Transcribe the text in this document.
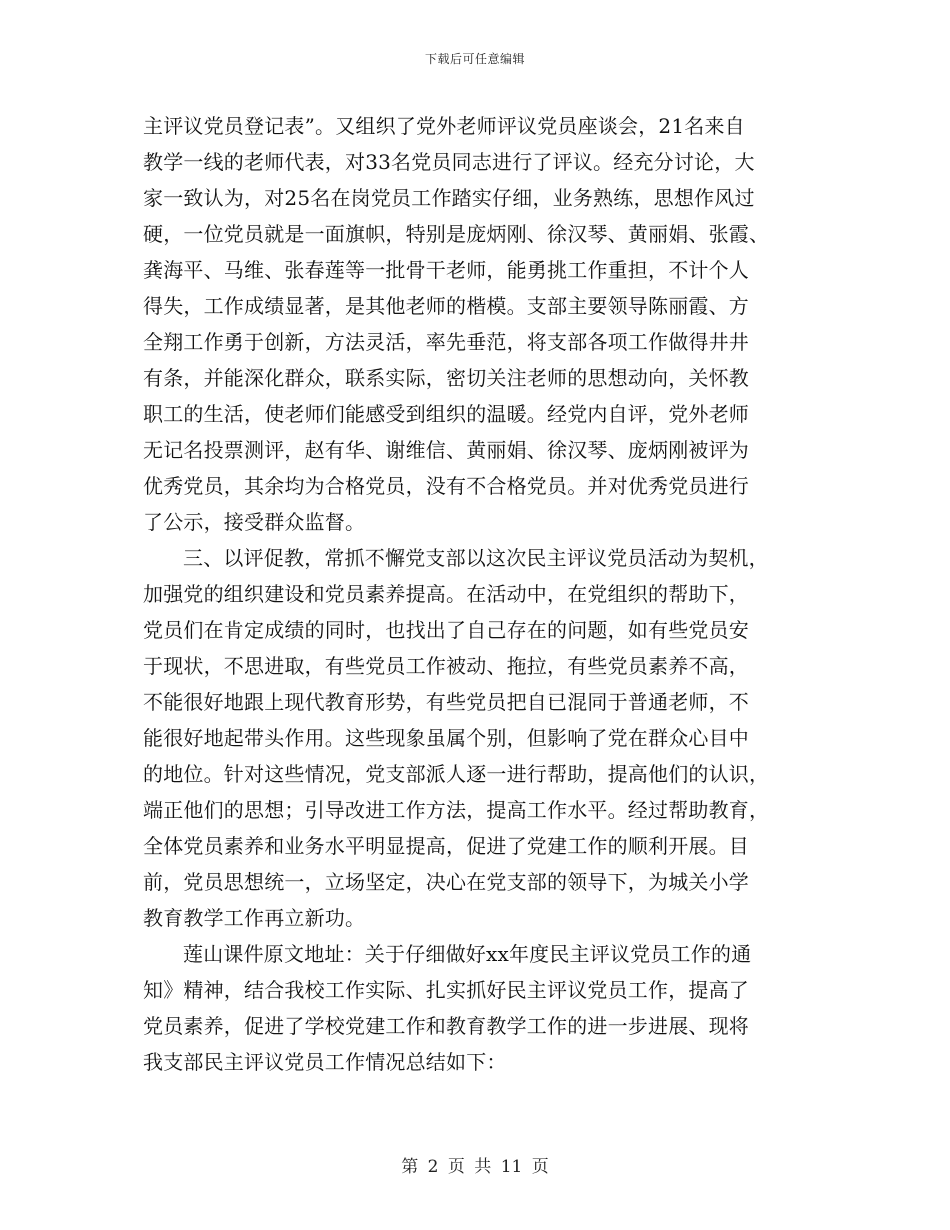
下载后可任意编辑
主评议党员登记表”。又组织了党外老师评议党员座谈会，21名来自
教学一线的老师代表，对33名党员同志进行了评议。经充分讨论，大
家一致认为，对25名在岗党员工作踏实仔细，业务熟练，思想作风过
硬，一位党员就是一面旗帜，特别是庞炳刚、徐汉琴、黄丽娟、张霞、
龚海平、马维、张春莲等一批骨干老师，能勇挑工作重担，不计个人
得失，工作成绩显著，是其他老师的楷模。支部主要领导陈丽霞、方
全翔工作勇于创新，方法灵活，率先垂范，将支部各项工作做得井井
有条，并能深化群众，联系实际，密切关注老师的思想动向，关怀教
职工的生活，使老师们能感受到组织的温暖。经党内自评，党外老师
无记名投票测评，赵有华、谢维信、黄丽娟、徐汉琴、庞炳刚被评为
优秀党员，其余均为合格党员，没有不合格党员。并对优秀党员进行
了公示，接受群众监督。
三、以评促教，常抓不懈党支部以这次民主评议党员活动为契机，
加强党的组织建设和党员素养提高。在活动中，在党组织的帮助下，
党员们在肯定成绩的同时，也找出了自己存在的问题，如有些党员安
于现状，不思进取，有些党员工作被动、拖拉，有些党员素养不高，
不能很好地跟上现代教育形势，有些党员把自已混同于普通老师，不
能很好地起带头作用。这些现象虽属个别，但影响了党在群众心目中
的地位。针对这些情况，党支部派人逐一进行帮助，提高他们的认识，
端正他们的思想；引导改进工作方法，提高工作水平。经过帮助教育，
全体党员素养和业务水平明显提高，促进了党建工作的顺利开展。目
前，党员思想统一，立场坚定，决心在党支部的领导下，为城关小学
教育教学工作再立新功。
莲山课件原文地址：关于仔细做好xx年度民主评议党员工作的通
知》精神，结合我校工作实际、扎实抓好民主评议党员工作，提高了
党员素养，促进了学校党建工作和教育教学工作的进一步进展、现将
我支部民主评议党员工作情况总结如下：
第 2 页 共 11 页
